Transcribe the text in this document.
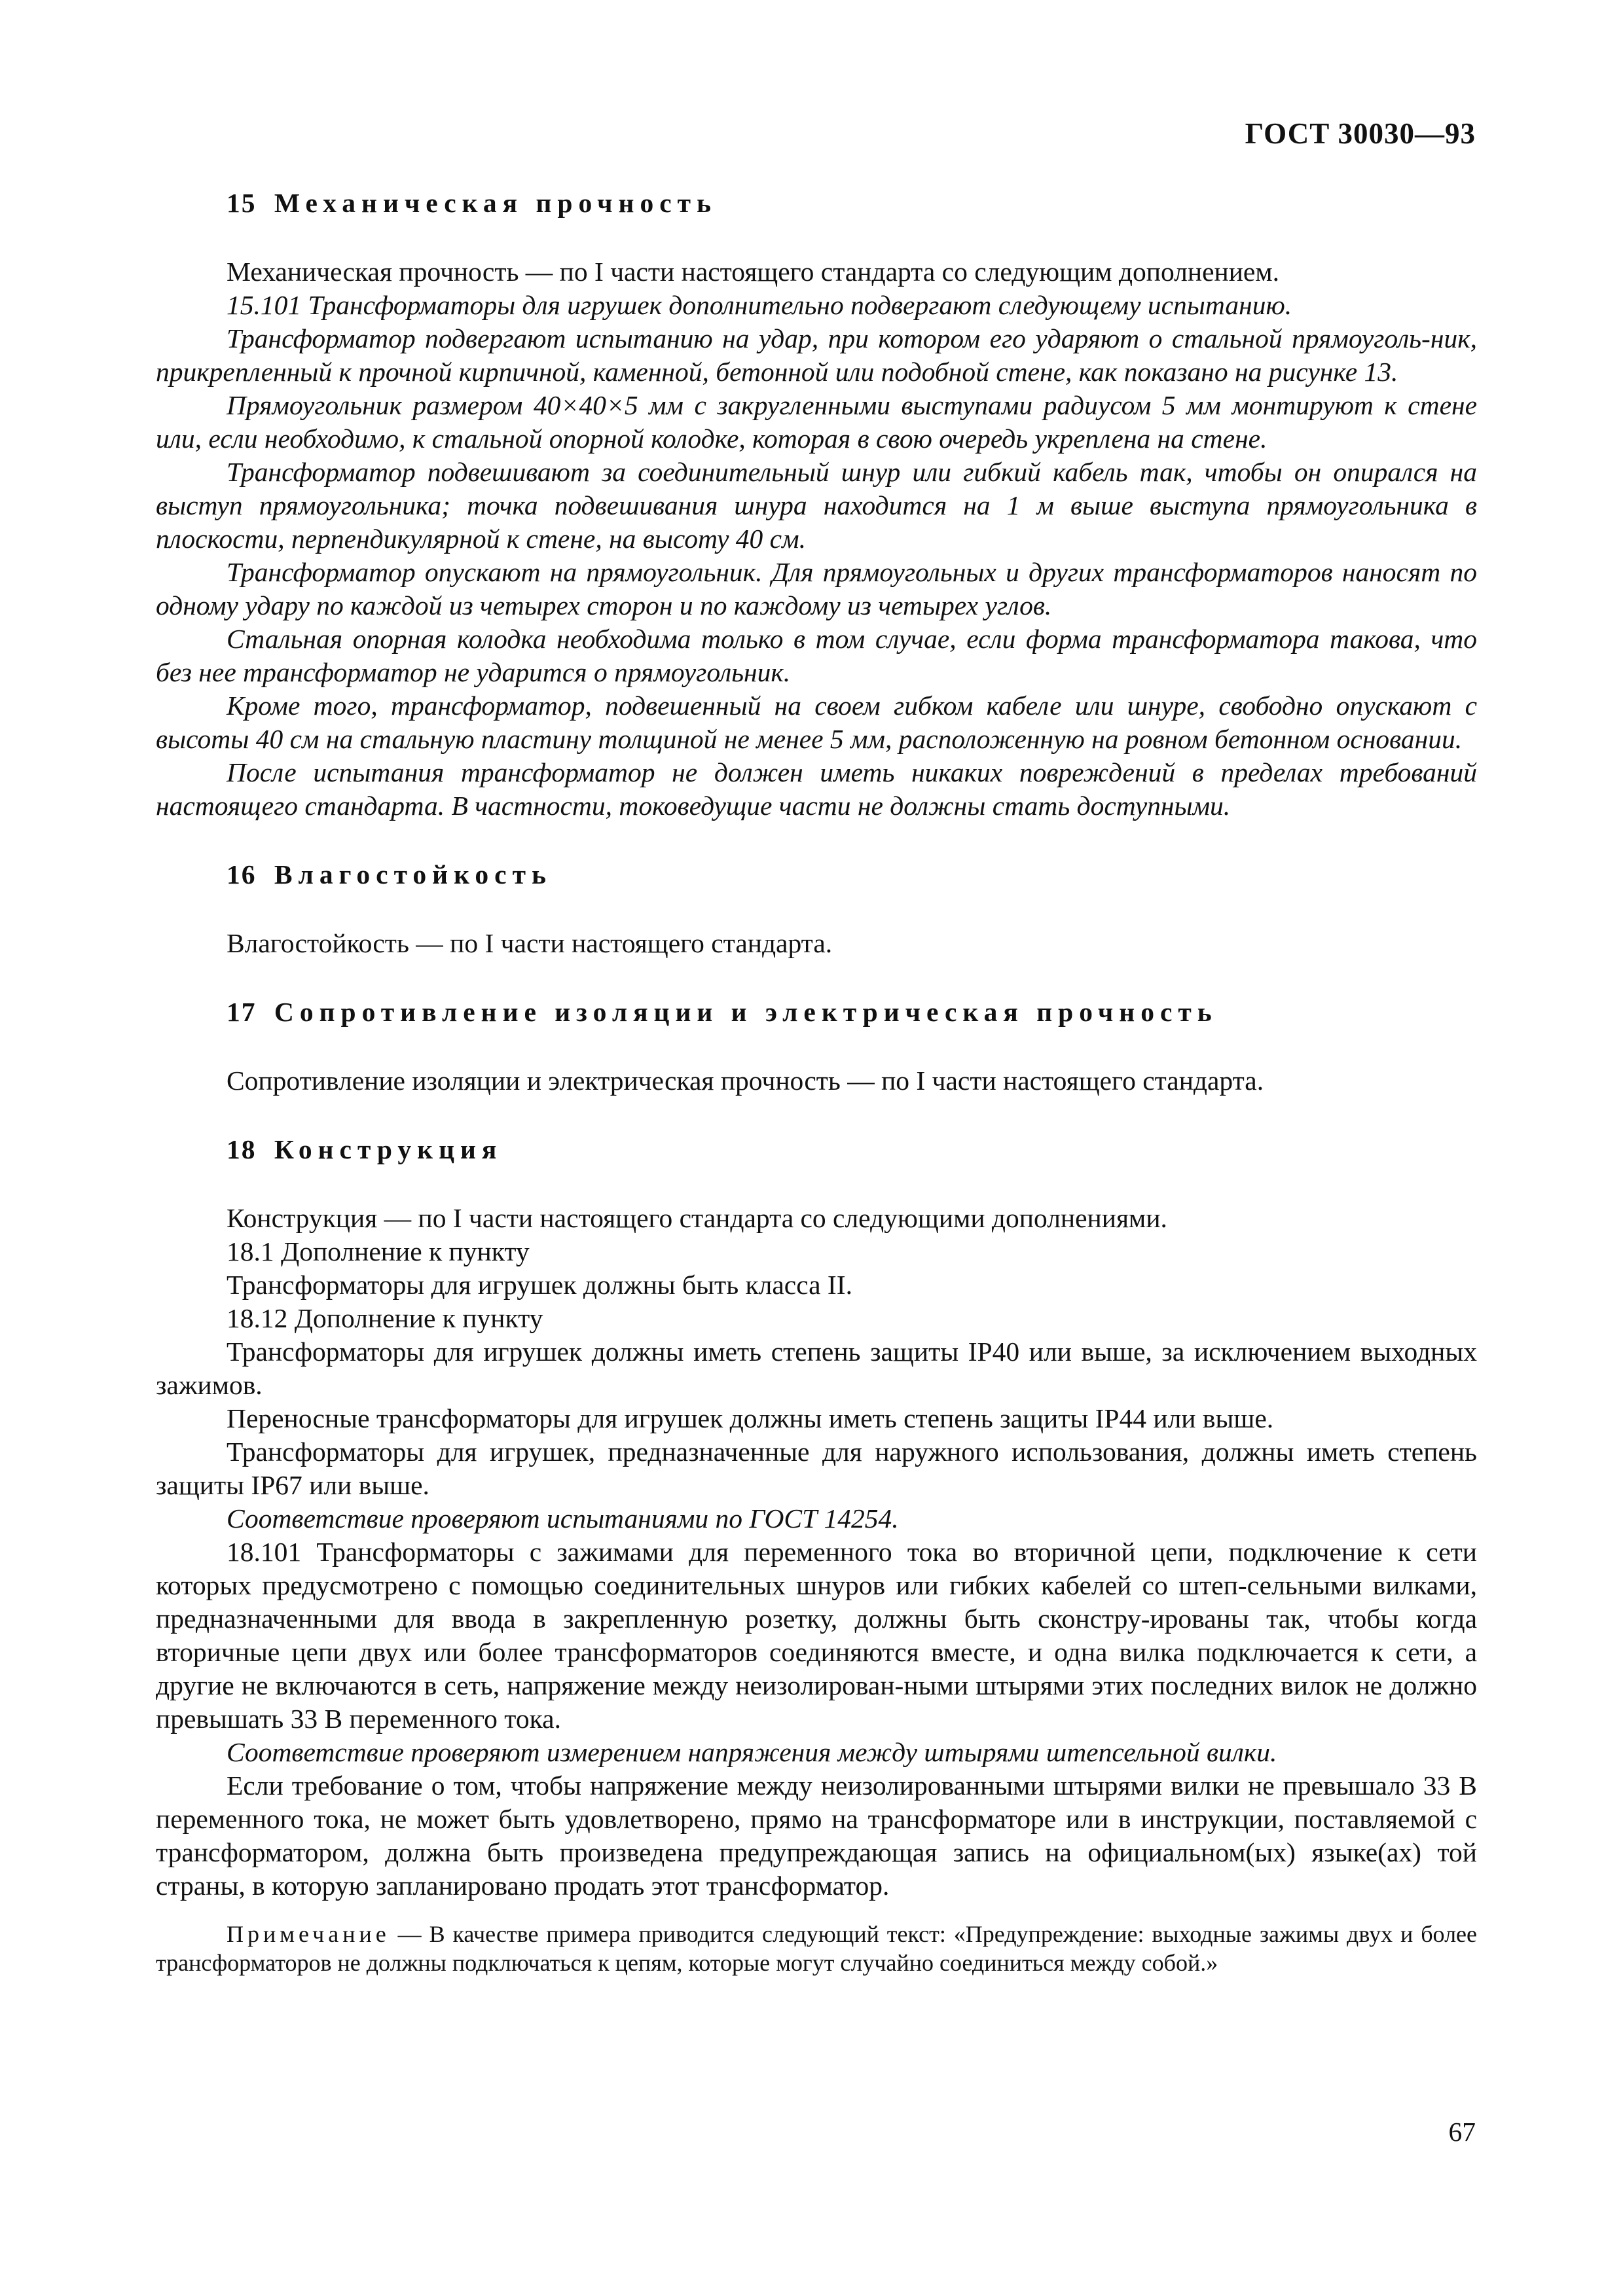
ГОСТ 30030—93

15 Механическая прочность

Механическая прочность — по I части настоящего стандарта со следующим дополнением.

15.101 Трансформаторы для игрушек дополнительно подвергают следующему испытанию.

Трансформатор подвергают испытанию на удар, при котором его ударяют о стальной прямоуголь-ник, прикрепленный к прочной кирпичной, каменной, бетонной или подобной стене, как показано на рисунке 13.

Прямоугольник размером 40×40×5 мм с закругленными выступами радиусом 5 мм монтируют к стене или, если необходимо, к стальной опорной колодке, которая в свою очередь укреплена на стене.

Трансформатор подвешивают за соединительный шнур или гибкий кабель так, чтобы он опирался на выступ прямоугольника; точка подвешивания шнура находится на 1 м выше выступа прямоугольника в плоскости, перпендикулярной к стене, на высоту 40 см.

Трансформатор опускают на прямоугольник. Для прямоугольных и других трансформаторов наносят по одному удару по каждой из четырех сторон и по каждому из четырех углов.

Стальная опорная колодка необходима только в том случае, если форма трансформатора такова, что без нее трансформатор не ударится о прямоугольник.

Кроме того, трансформатор, подвешенный на своем гибком кабеле или шнуре, свободно опускают с высоты 40 см на стальную пластину толщиной не менее 5 мм, расположенную на ровном бетонном основании.

После испытания трансформатор не должен иметь никаких повреждений в пределах требований настоящего стандарта. В частности, токоведущие части не должны стать доступными.

16 Влагостойкость

Влагостойкость — по I части настоящего стандарта.

17 Сопротивление изоляции и электрическая прочность

Сопротивление изоляции и электрическая прочность — по I части настоящего стандарта.

18 Конструкция

Конструкция — по I части настоящего стандарта со следующими дополнениями.

18.1 Дополнение к пункту

Трансформаторы для игрушек должны быть класса II.

18.12 Дополнение к пункту

Трансформаторы для игрушек должны иметь степень защиты IP40 или выше, за исключением выходных зажимов.

Переносные трансформаторы для игрушек должны иметь степень защиты IP44 или выше.

Трансформаторы для игрушек, предназначенные для наружного использования, должны иметь степень защиты IP67 или выше.

Соответствие проверяют испытаниями по ГОСТ 14254.

18.101 Трансформаторы с зажимами для переменного тока во вторичной цепи, подключение к сети которых предусмотрено с помощью соединительных шнуров или гибких кабелей со штеп-сельными вилками, предназначенными для ввода в закрепленную розетку, должны быть сконстру-ированы так, чтобы когда вторичные цепи двух или более трансформаторов соединяются вместе, и одна вилка подключается к сети, а другие не включаются в сеть, напряжение между неизолирован-ными штырями этих последних вилок не должно превышать 33 В переменного тока.

Соответствие проверяют измерением напряжения между штырями штепсельной вилки.

Если требование о том, чтобы напряжение между неизолированными штырями вилки не превышало 33 В переменного тока, не может быть удовлетворено, прямо на трансформаторе или в инструкции, поставляемой с трансформатором, должна быть произведена предупреждающая запись на официальном(ых) языке(ах) той страны, в которую запланировано продать этот трансформатор.

Примечание — В качестве примера приводится следующий текст: «Предупреждение: выходные зажимы двух и более трансформаторов не должны подключаться к цепям, которые могут случайно соединиться между собой.»

67
